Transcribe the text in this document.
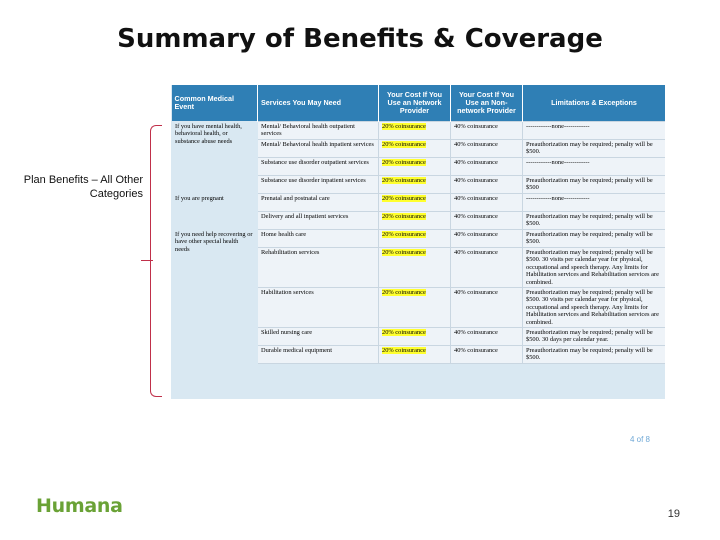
Summary of Benefits & Coverage
Plan Benefits – All Other Categories
Common Medical Event	Services You May Need	Your Cost If You Use an Network Provider	Your Cost If You Use an Non-network Provider	Limitations & Exceptions
If you have mental health, behavioral health, or substance abuse needs	Mental/ Behavioral health outpatient services	20% coinsurance	40% coinsurance	------------none------------
	Mental/ Behavioral health inpatient services	20% coinsurance	40% coinsurance	Preauthorization may be required; penalty will be $500.
	Substance use disorder outpatient services	20% coinsurance	40% coinsurance	------------none------------
	Substance use disorder inpatient services	20% coinsurance	40% coinsurance	Preauthorization may be required; penalty will be $500
If you are pregnant	Prenatal and postnatal care	20% coinsurance	40% coinsurance	------------none------------
	Delivery and all inpatient services	20% coinsurance	40% coinsurance	Preauthorization may be required; penalty will be $500.
If you need help recovering or have other special health needs	Home health care	20% coinsurance	40% coinsurance	Preauthorization may be required; penalty will be $500.
	Rehabilitation services	20% coinsurance	40% coinsurance	Preauthorization may be required; penalty will be $500. 30 visits per calendar year for physical, occupational and speech therapy. Any limits for Habilitation services and Rehabilitation services are combined.
	Habilitation services	20% coinsurance	40% coinsurance	Preauthorization may be required; penalty will be $500. 30 visits per calendar year for physical, occupational and speech therapy. Any limits for Habilitation services and Rehabilitation services are combined.
	Skilled nursing care	20% coinsurance	40% coinsurance	Preauthorization may be required; penalty will be $500. 30 days per calendar year.
	Durable medical equipment	20% coinsurance	40% coinsurance	Preauthorization may be required; penalty will be $500.
4 of 8
Humana	19
